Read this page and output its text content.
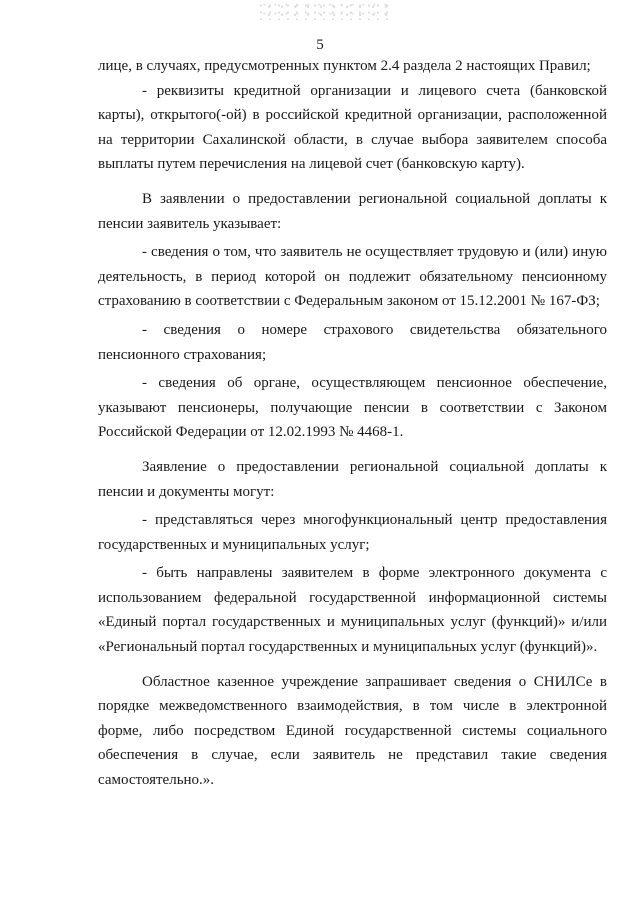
5

лице, в случаях, предусмотренных пунктом 2.4 раздела 2 настоящих Правил;

- реквизиты кредитной организации и лицевого счета (банковской карты), открытого(-ой) в российской кредитной организации, расположенной на территории Сахалинской области, в случае выбора заявителем способа выплаты путем перечисления на лицевой счет (банковскую карту).

В заявлении о предоставлении региональной социальной доплаты к пенсии заявитель указывает:

- сведения о том, что заявитель не осуществляет трудовую и (или) иную деятельность, в период которой он подлежит обязательному пенсионному страхованию в соответствии с Федеральным законом от 15.12.2001 № 167-ФЗ;

- сведения о номере страхового свидетельства обязательного пенсионного страхования;

- сведения об органе, осуществляющем пенсионное обеспечение, указывают пенсионеры, получающие пенсии в соответствии с Законом Российской Федерации от 12.02.1993 № 4468-1.

Заявление о предоставлении региональной социальной доплаты к пенсии и документы могут:

- представляться через многофункциональный центр предоставления государственных и муниципальных услуг;

- быть направлены заявителем в форме электронного документа с использованием федеральной государственной информационной системы «Единый портал государственных и муниципальных услуг (функций)» и/или «Региональный портал государственных и муниципальных услуг (функций)».

Областное казенное учреждение запрашивает сведения о СНИЛСе в порядке межведомственного взаимодействия, в том числе в электронной форме, либо посредством Единой государственной системы социального обеспечения в случае, если заявитель не представил такие сведения самостоятельно.».
